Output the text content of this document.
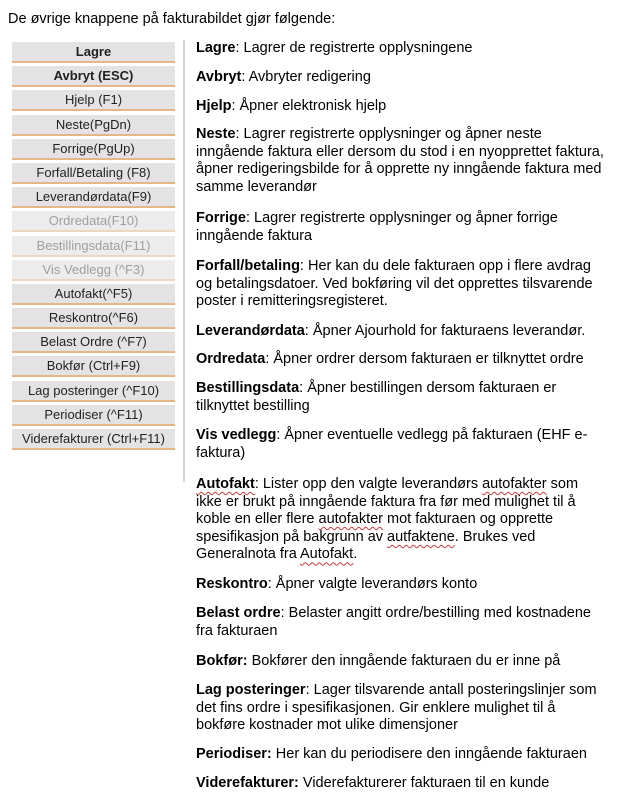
De øvrige knappene på fakturabildet gjør følgende:
Lagre
Avbryt (ESC)
Hjelp (F1)
Neste(PgDn)
Forrige(PgUp)
Forfall/Betaling (F8)
Leverandørdata(F9)
Ordredata(F10)
Bestillingsdata(F11)
Vis Vedlegg (^F3)
Autofakt(^F5)
Reskontro(^F6)
Belast Ordre (^F7)
Bokfør (Ctrl+F9)
Lag posteringer (^F10)
Periodiser (^F11)
Viderefakturer (Ctrl+F11)
Lagre: Lagrer de registrerte opplysningene
Avbryt: Avbryter redigering
Hjelp: Åpner elektronisk hjelp
Neste: Lagrer registrerte opplysninger og åpner neste
inngående faktura eller dersom du stod i en nyopprettet faktura,
åpner redigeringsbilde for å opprette ny inngående faktura med
samme leverandør
Forrige: Lagrer registrerte opplysninger og åpner forrige
inngående faktura
Forfall/betaling: Her kan du dele fakturaen opp i flere avdrag
og betalingsdatoer. Ved bokføring vil det opprettes tilsvarende
poster i remitteringsregisteret.
Leverandørdata: Åpner Ajourhold for fakturaens leverandør.
Ordredata: Åpner ordrer dersom fakturaen er tilknyttet ordre
Bestillingsdata: Åpner bestillingen dersom fakturaen er
tilknyttet bestilling
Vis vedlegg: Åpner eventuelle vedlegg på fakturaen (EHF e-
faktura)
Autofakt: Lister opp den valgte leverandørs autofakter som
ikke er brukt på inngående faktura fra før med mulighet til å
koble en eller flere autofakter mot fakturaen og opprette
spesifikasjon på bakgrunn av autfaktene. Brukes ved
Generalnota fra Autofakt.
Reskontro: Åpner valgte leverandørs konto
Belast ordre: Belaster angitt ordre/bestilling med kostnadene
fra fakturaen
Bokfør: Bokfører den inngående fakturaen du er inne på
Lag posteringer: Lager tilsvarende antall posteringslinjer som
det fins ordre i spesifikasjonen. Gir enklere mulighet til å
bokføre kostnader mot ulike dimensjoner
Periodiser: Her kan du periodisere den inngående fakturaen
Viderefakturer: Viderefakturerer fakturaen til en kunde
